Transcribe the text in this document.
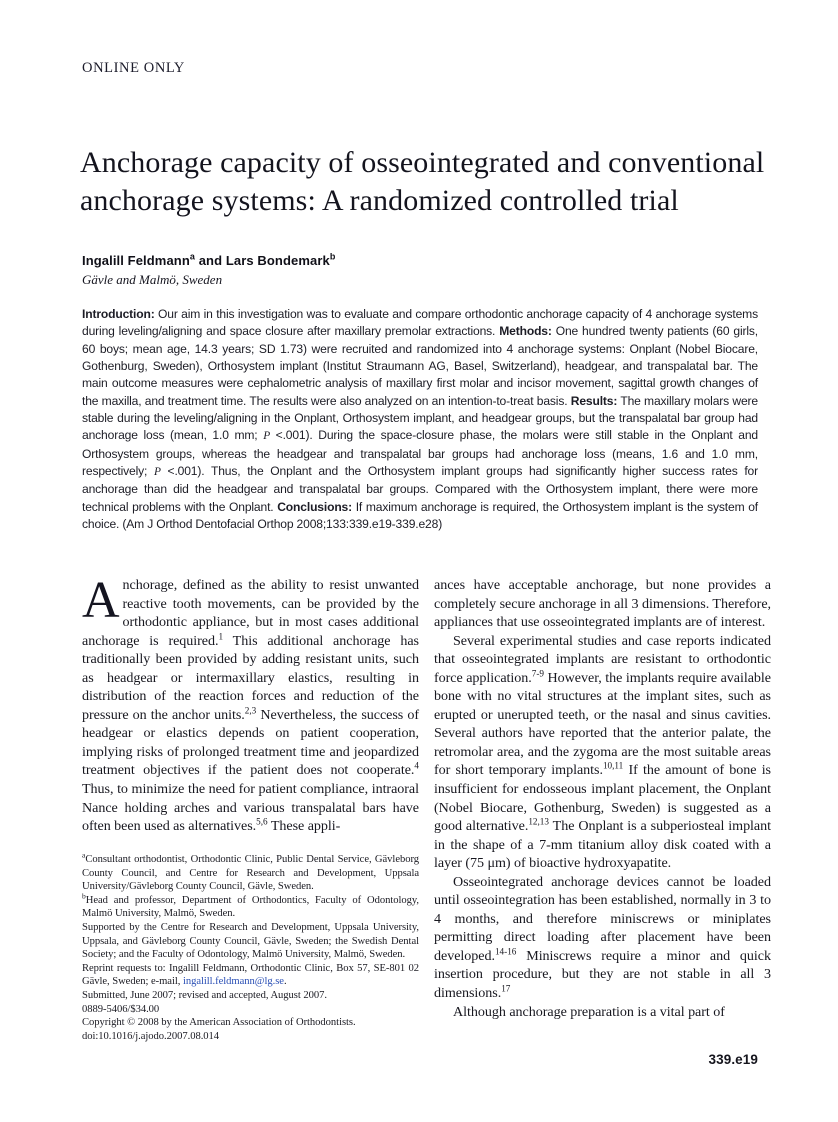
ONLINE ONLY
Anchorage capacity of osseointegrated and conventional anchorage systems: A randomized controlled trial
Ingalill Feldmann$^a$ and Lars Bondemark$^b$
Gävle and Malmö, Sweden
Introduction: Our aim in this investigation was to evaluate and compare orthodontic anchorage capacity of 4 anchorage systems during leveling/aligning and space closure after maxillary premolar extractions. Methods: One hundred twenty patients (60 girls, 60 boys; mean age, 14.3 years; SD 1.73) were recruited and randomized into 4 anchorage systems: Onplant (Nobel Biocare, Gothenburg, Sweden), Orthosystem implant (Institut Straumann AG, Basel, Switzerland), headgear, and transpalatal bar. The main outcome measures were cephalometric analysis of maxillary first molar and incisor movement, sagittal growth changes of the maxilla, and treatment time. The results were also analyzed on an intention-to-treat basis. Results: The maxillary molars were stable during the leveling/aligning in the Onplant, Orthosystem implant, and headgear groups, but the transpalatal bar group had anchorage loss (mean, 1.0 mm; P <.001). During the space-closure phase, the molars were still stable in the Onplant and Orthosystem groups, whereas the headgear and transpalatal bar groups had anchorage loss (means, 1.6 and 1.0 mm, respectively; P <.001). Thus, the Onplant and the Orthosystem implant groups had significantly higher success rates for anchorage than did the headgear and transpalatal bar groups. Compared with the Orthosystem implant, there were more technical problems with the Onplant. Conclusions: If maximum anchorage is required, the Orthosystem implant is the system of choice. (Am J Orthod Dentofacial Orthop 2008;133:339.e19-339.e28)

Anchorage, defined as the ability to resist unwanted reactive tooth movements, can be provided by the orthodontic appliance, but in most cases additional anchorage is required.$^1$ This additional anchorage has traditionally been provided by adding resistant units, such as headgear or intermaxillary elastics, resulting in distribution of the reaction forces and reduction of the pressure on the anchor units.$^{2,3}$ Nevertheless, the success of headgear or elastics depends on patient cooperation, implying risks of prolonged treatment time and jeopardized treatment objectives if the patient does not cooperate.$^4$ Thus, to minimize the need for patient compliance, intraoral Nance holding arches and various transpalatal bars have often been used as alternatives.$^{5,6}$ These appli-

ances have acceptable anchorage, but none provides a completely secure anchorage in all 3 dimensions. Therefore, appliances that use osseointegrated implants are of interest.

Several experimental studies and case reports indicated that osseointegrated implants are resistant to orthodontic force application.$^{7-9}$ However, the implants require available bone with no vital structures at the implant sites, such as erupted or unerupted teeth, or the nasal and sinus cavities. Several authors have reported that the anterior palate, the retromolar area, and the zygoma are the most suitable areas for short temporary implants.$^{10,11}$ If the amount of bone is insufficient for endosseous implant placement, the Onplant (Nobel Biocare, Gothenburg, Sweden) is suggested as a good alternative.$^{12,13}$ The Onplant is a subperiosteal implant in the shape of a 7-mm titanium alloy disk coated with a layer (75 μm) of bioactive hydroxyapatite.

Osseointegrated anchorage devices cannot be loaded until osseointegration has been established, normally in 3 to 4 months, and therefore miniscrews or miniplates permitting direct loading after placement have been developed.$^{14-16}$ Miniscrews require a minor and quick insertion procedure, but they are not stable in all 3 dimensions.$^{17}$

Although anchorage preparation is a vital part of

$^a$Consultant orthodontist, Orthodontic Clinic, Public Dental Service, Gävleborg County Council, and Centre for Research and Development, Uppsala University/Gävleborg County Council, Gävle, Sweden.

$^b$Head and professor, Department of Orthodontics, Faculty of Odontology, Malmö University, Malmö, Sweden.

Supported by the Centre for Research and Development, Uppsala University, Uppsala, and Gävleborg County Council, Gävle, Sweden; the Swedish Dental Society; and the Faculty of Odontology, Malmö University, Malmö, Sweden.

Reprint requests to: Ingalill Feldmann, Orthodontic Clinic, Box 57, SE-801 02 Gävle, Sweden; e-mail, ingalill.feldmann@lg.se.

Submitted, June 2007; revised and accepted, August 2007.

0889-5406/$34.00

Copyright © 2008 by the American Association of Orthodontists.

doi:10.1016/j.ajodo.2007.08.014

339.e19
